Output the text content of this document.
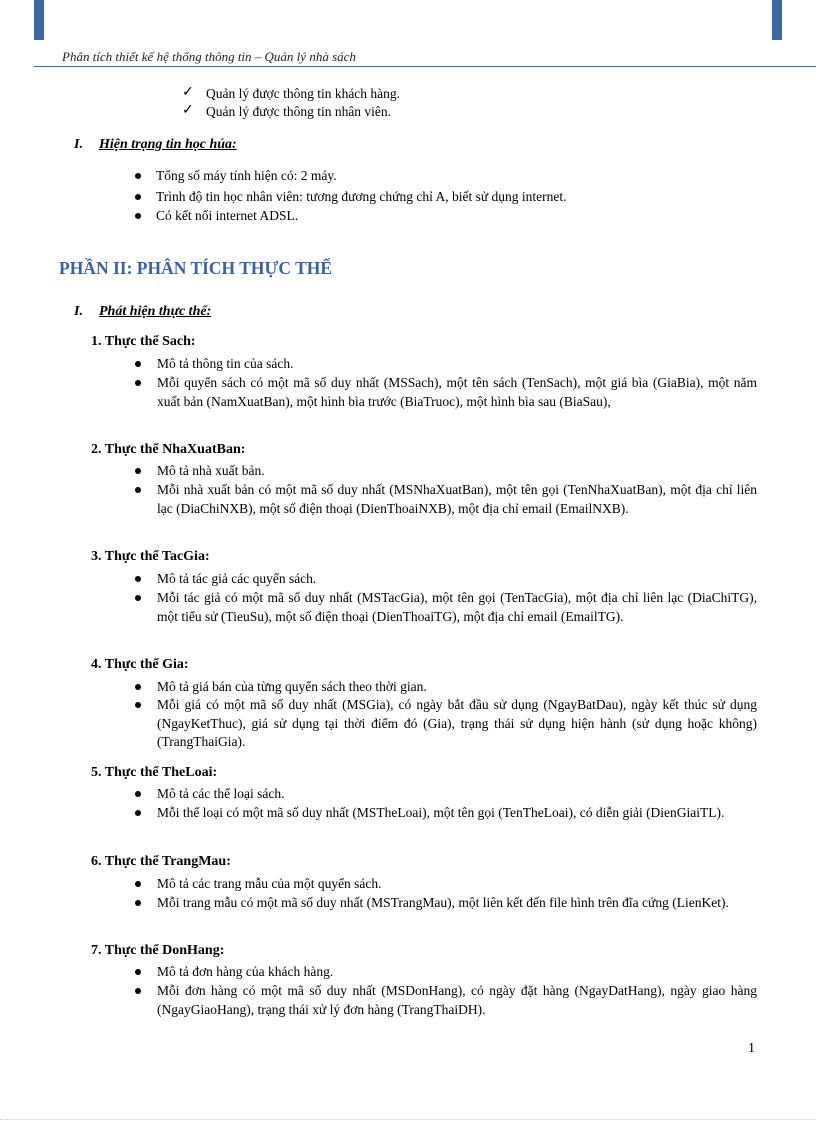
Phân tích thiết kế hệ thống thông tin – Quản lý nhà sách
✓ Quản lý được thông tin khách hàng.
✓ Quản lý được thông tin nhân viên.
I. Hiện trạng tin học húa:
Tổng số máy tính hiện có: 2 máy.
Trình độ tin học nhân viên: tương đương chứng chỉ A, biết sử dụng internet.
Có kết nối internet ADSL.
PHẦN II: PHÂN TÍCH THỰC THỂ
I. Phát hiện thực thể:
1. Thực thể Sach:
Mô tả thông tin của sách.
Mỗi quyển sách có một mã số duy nhất (MSSach), một tên sách (TenSach), một giá bìa (GiaBia), một năm xuất bản (NamXuatBan), một hình bìa trước (BiaTruoc), một hình bìa sau (BiaSau),
2. Thực thể NhaXuatBan:
Mô tả nhà xuất bản.
Mỗi nhà xuất bản có một mã số duy nhất (MSNhaXuatBan), một tên gọi (TenNhaXuatBan), một địa chỉ liên lạc (DiaChiNXB), một số điện thoại (DienThoaiNXB), một địa chỉ email (EmailNXB).
3. Thực thể TacGia:
Mô tả tác giả các quyển sách.
Mỗi tác giả có một mã số duy nhất (MSTacGia), một tên gọi (TenTacGia), một địa chỉ liên lạc (DiaChiTG), một tiểu sử (TieuSu), một số điện thoại (DienThoaiTG), một địa chỉ email (EmailTG).
4. Thực thể Gia:
Mô tả giá bán của từng quyển sách theo thời gian.
Mỗi giá có một mã số duy nhất (MSGia), có ngày bắt đầu sử dụng (NgayBatDau), ngày kết thúc sử dụng (NgayKetThuc), giá sử dụng tại thời điểm đó (Gia), trạng thái sử dụng hiện hành (sử dụng hoặc không) (TrangThaiGia).
5. Thực thể TheLoai:
Mô tả các thể loại sách.
Mỗi thể loại có một mã số duy nhất (MSTheLoai), một tên gọi (TenTheLoai), có diễn giải (DienGiaiTL).
6. Thực thể TrangMau:
Mô tả các trang mẫu của một quyển sách.
Mỗi trang mẫu có một mã số duy nhất (MSTrangMau), một liên kết đến file hình trên đĩa cứng (LienKet).
7. Thực thể DonHang:
Mô tả đơn hàng của khách hàng.
Mỗi đơn hàng có một mã số duy nhất (MSDonHang), có ngày đặt hàng (NgayDatHang), ngày giao hàng (NgayGiaoHang), trạng thái xử lý đơn hàng (TrangThaiDH).
1
